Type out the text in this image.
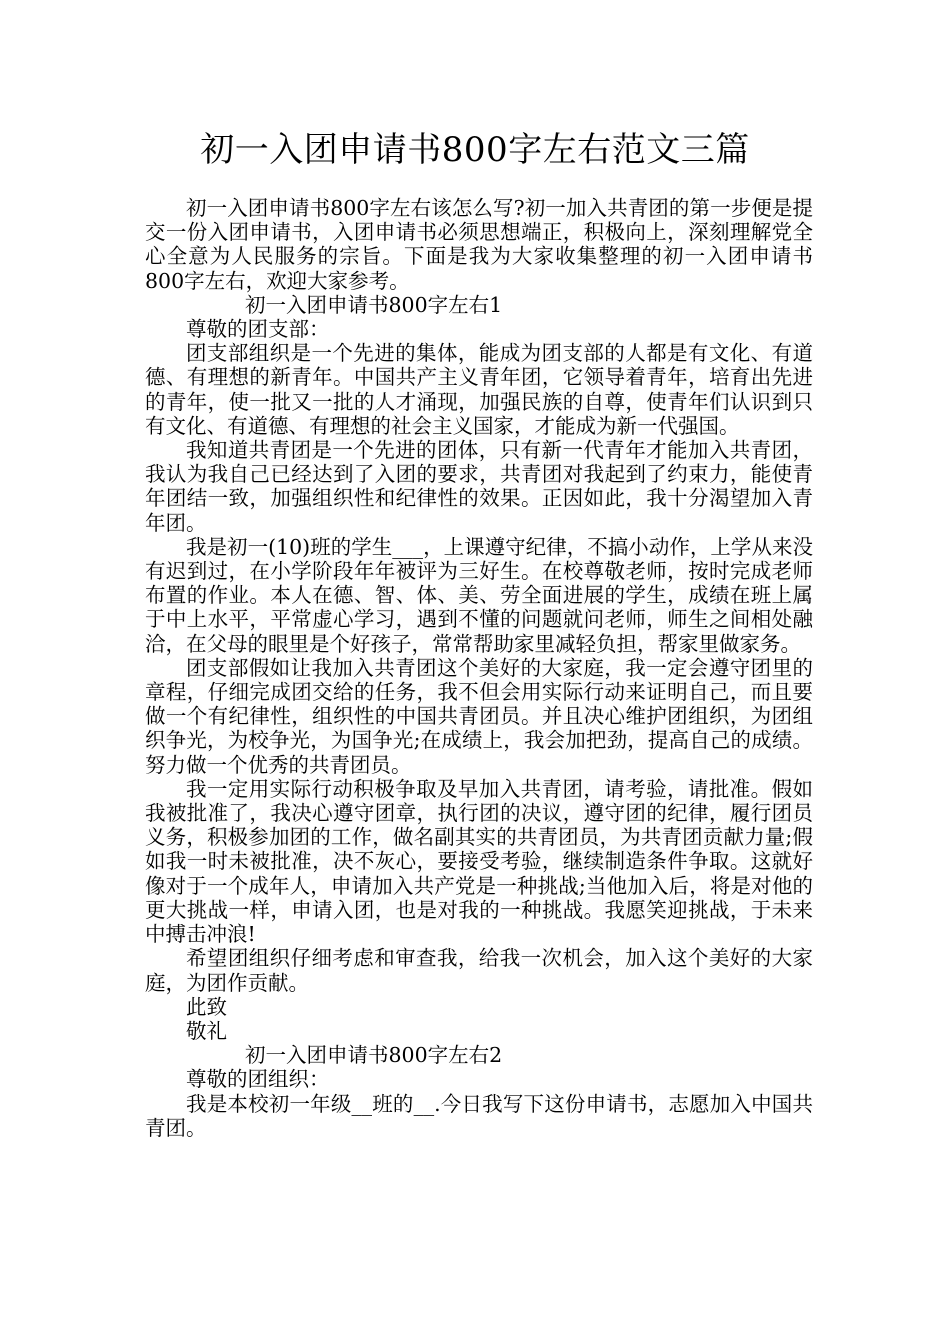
初一入团申请书800字左右范文三篇

初一入团申请书800字左右该怎么写?初一加入共青团的第一步便是提交一份入团申请书，入团申请书必须思想端正，积极向上，深刻理解党全心全意为人民服务的宗旨。下面是我为大家收集整理的初一入团申请书800字左右，欢迎大家参考。

初一入团申请书800字左右1

尊敬的团支部：

团支部组织是一个先进的集体，能成为团支部的人都是有文化、有道德、有理想的新青年。中国共产主义青年团，它领导着青年，培育出先进的青年，使一批又一批的人才涌现，加强民族的自尊，使青年们认识到只有文化、有道德、有理想的社会主义国家，才能成为新一代强国。

我知道共青团是一个先进的团体，只有新一代青年才能加入共青团，我认为我自己已经达到了入团的要求，共青团对我起到了约束力，能使青年团结一致，加强组织性和纪律性的效果。正因如此，我十分渴望加入青年团。

我是初一(10)班的学生___，上课遵守纪律，不搞小动作，上学从来没有迟到过，在小学阶段年年被评为三好生。在校尊敬老师，按时完成老师布置的作业。本人在德、智、体、美、劳全面进展的学生，成绩在班上属于中上水平，平常虚心学习，遇到不懂的问题就问老师，师生之间相处融洽，在父母的眼里是个好孩子，常常帮助家里减轻负担，帮家里做家务。

团支部假如让我加入共青团这个美好的大家庭，我一定会遵守团里的章程，仔细完成团交给的任务，我不但会用实际行动来证明自己，而且要做一个有纪律性，组织性的中国共青团员。并且决心维护团组织，为团组织争光，为校争光，为国争光;在成绩上，我会加把劲，提高自己的成绩。努力做一个优秀的共青团员。

我一定用实际行动积极争取及早加入共青团，请考验，请批准。假如我被批准了，我决心遵守团章，执行团的决议，遵守团的纪律，履行团员义务，积极参加团的工作，做名副其实的共青团员，为共青团贡献力量;假如我一时未被批准，决不灰心，要接受考验，继续制造条件争取。这就好像对于一个成年人，申请加入共产党是一种挑战;当他加入后，将是对他的更大挑战一样，申请入团，也是对我的一种挑战。我愿笑迎挑战，于未来中搏击冲浪!

希望团组织仔细考虑和审查我，给我一次机会，加入这个美好的大家庭，为团作贡献。

此致

敬礼

初一入团申请书800字左右2

尊敬的团组织：

我是本校初一年级__班的__.今日我写下这份申请书，志愿加入中国共青团。
